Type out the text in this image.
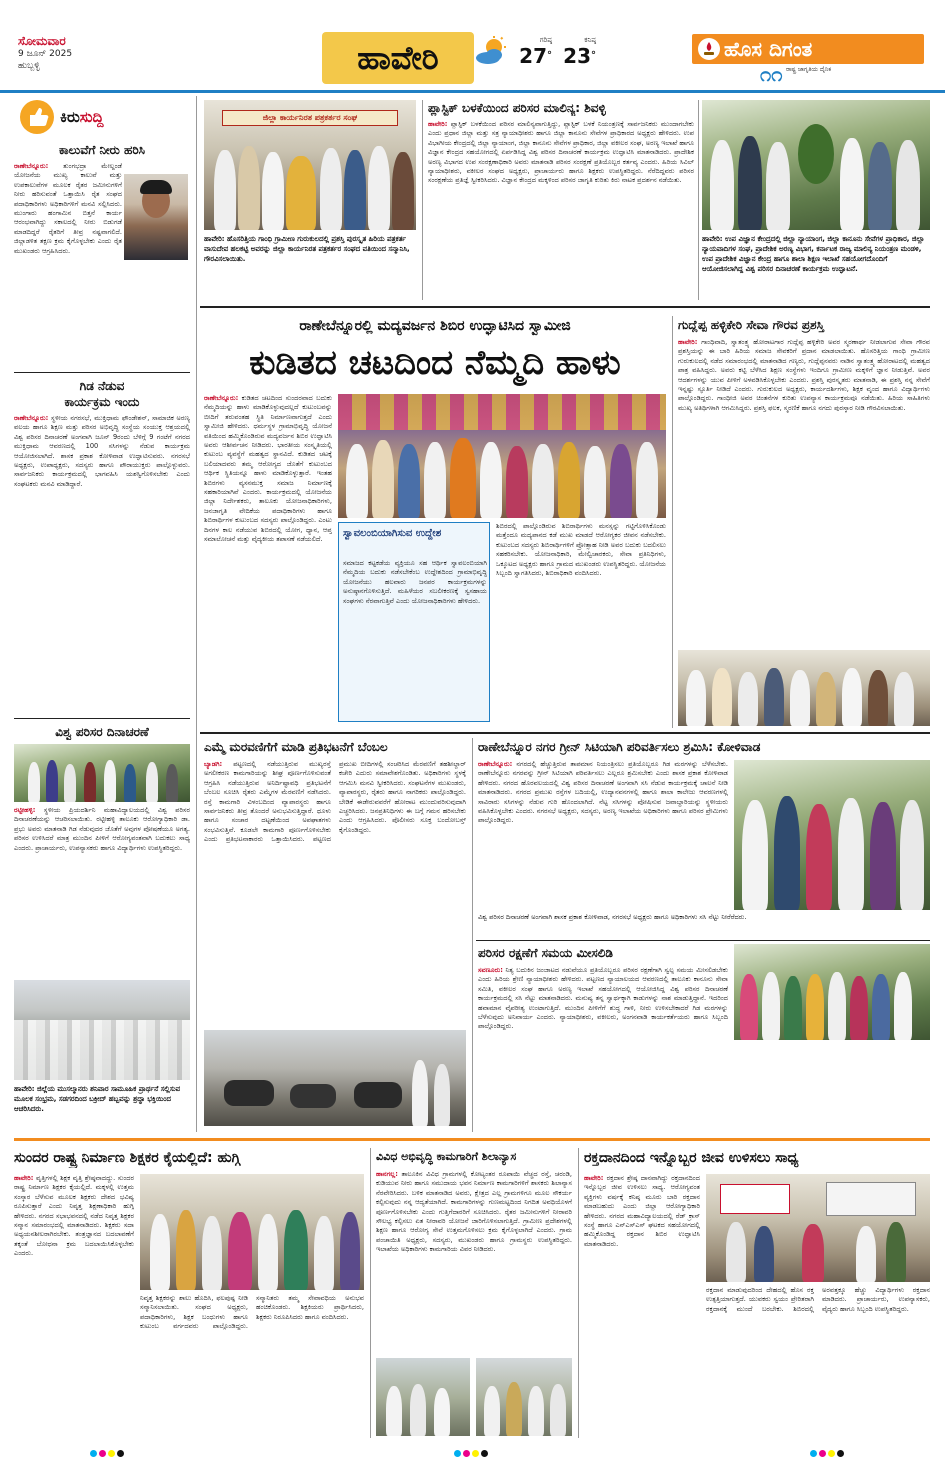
ಸೋಮವಾರ
9 ಜೂನ್ 2025
ಹುಬ್ಬಳ್ಳಿ	ಹಾವೇರಿ	ಗರಿಷ್ಠ
27°
ಕನಿಷ್ಠ
23°	ಹೊಸ ದಿಗಂತ
ರಾಷ್ಟ್ರ ಜಾಗೃತಿಯ ದೈನಿಕ
೧೧
ಕಿರುಸುದ್ದಿ
ಕಾಲುವೆಗೆ ನೀರು ಹರಿಸಿ
ರಾಣೇಬೆನ್ನೂರು: ತುಂಗಭದ್ರಾ ಮೇಲ್ದಂಡೆ ಯೋಜನೆಯ ಮುಖ್ಯ ಕಾಲುವೆ ಮತ್ತು ಉಪಕಾಲುವೆಗಳ ಮೂಲಕ ರೈತರ ಜಮೀನುಗಳಿಗೆ ನೀರು ಹರಿಸುವಂತೆ ಒತ್ತಾಯಿಸಿ ರೈತ ಸಂಘದ ಪದಾಧಿಕಾರಿಗಳು ಅಧಿಕಾರಿಗಳಿಗೆ ಮನವಿ ಸಲ್ಲಿಸಿದರು. ಮುಂಗಾರು ಹಂಗಾಮಿನ ಬಿತ್ತನೆ ಕಾರ್ಯ ಆರಂಭವಾಗಿದ್ದು ಸಕಾಲದಲ್ಲಿ ನೀರು ಬಿಡುಗಡೆ ಮಾಡದಿದ್ದರೆ ರೈತರಿಗೆ ತೀವ್ರ ನಷ್ಟವಾಗಲಿದೆ. ಜಿಲ್ಲಾಡಳಿತ ತಕ್ಷಣ ಕ್ರಮ ಕೈಗೊಳ್ಳಬೇಕು ಎಂದು ರೈತ ಮುಖಂಡರು ಆಗ್ರಹಿಸಿದರು.
ಗಿಡ ನೆಡುವ
ಕಾರ್ಯಕ್ರಮ ಇಂದು
ರಾಣೇಬೆನ್ನೂರು: ಸ್ಥಳೀಯ ನಗರಸಭೆ, ಮುಕ್ತಿಧಾಮ ಫೌಂಡೇಶನ್, ಸಾಮಾಜಿಕ ಅರಣ್ಯ ವಲಯ ಹಾಗೂ ಶಿಕ್ಷಣ ಮತ್ತು ಪರಿಸರ ಅಭಿವೃದ್ಧಿ ಸಂಸ್ಥೆಯ ಸಂಯುಕ್ತ ಆಶ್ರಯದಲ್ಲಿ ವಿಶ್ವ ಪರಿಸರ ದಿನಾಚರಣೆ ಅಂಗವಾಗಿ ಜೂನ್ 9ರಂದು ಬೆಳಿಗ್ಗೆ 9 ಗಂಟೆಗೆ ನಗರದ ಮುಕ್ತಿಧಾಮ ಆವರಣದಲ್ಲಿ 100 ಸಸಿಗಳನ್ನು ನೆಡುವ ಕಾರ್ಯಕ್ರಮ ಆಯೋಜಿಸಲಾಗಿದೆ. ಶಾಸಕ ಪ್ರಕಾಶ ಕೋಳಿವಾಡ ಉದ್ಘಾಟಿಸುವರು. ನಗರಸಭೆ ಅಧ್ಯಕ್ಷರು, ಉಪಾಧ್ಯಕ್ಷರು, ಸದಸ್ಯರು ಹಾಗೂ ಪೌರಾಯುಕ್ತರು ಪಾಲ್ಗೊಳ್ಳುವರು. ಸಾರ್ವಜನಿಕರು ಕಾರ್ಯಕ್ರಮದಲ್ಲಿ ಭಾಗವಹಿಸಿ ಯಶಸ್ವಿಗೊಳಿಸಬೇಕು ಎಂದು ಸಂಘಟಕರು ಮನವಿ ಮಾಡಿದ್ದಾರೆ.
ವಿಶ್ವ ಪರಿಸರ ದಿನಾಚರಣೆ
ರಟ್ಟೀಹಳ್ಳಿ: ಸ್ಥಳೀಯ ಪ್ರಿಯದರ್ಶಿನಿ ಮಹಾವಿದ್ಯಾಲಯದಲ್ಲಿ ವಿಶ್ವ ಪರಿಸರ ದಿನಾಚರಣೆಯನ್ನು ಆಚರಿಸಲಾಯಿತು. ರಟ್ಟೀಹಳ್ಳಿ ತಾಲೂಕು ಆರೋಗ್ಯಾಧಿಕಾರಿ ಡಾ. ಪ್ರಭು ಅವರು ಮಾತನಾಡಿ ಗಿಡ ನೆಡುವುದರ ಜೊತೆಗೆ ಅವುಗಳ ಪೋಷಣೆಯೂ ಅಗತ್ಯ. ಪರಿಸರ ಉಳಿಸಿದರೆ ಮಾತ್ರ ಮುಂದಿನ ಪೀಳಿಗೆ ಆರೋಗ್ಯವಂತವಾಗಿ ಬದುಕಲು ಸಾಧ್ಯ ಎಂದರು. ಪ್ರಾಚಾರ್ಯರು, ಉಪನ್ಯಾಸಕರು ಹಾಗೂ ವಿದ್ಯಾರ್ಥಿಗಳು ಉಪಸ್ಥಿತರಿದ್ದರು.
ಹಾವೇರಿ: ಜಿಲ್ಲೆಯ ಮುಸಲ್ಮಾನರು ಶನಿವಾರ ಸಾಮೂಹಿಕ ಪ್ರಾರ್ಥನೆ ಸಲ್ಲಿಸುವ ಮೂಲಕ ಸಂಭ್ರಮ, ಸಡಗರದಿಂದ ಬಕ್ರೀದ್ ಹಬ್ಬವನ್ನು ಶ್ರದ್ಧಾ ಭಕ್ತಿಯಿಂದ ಆಚರಿಸಿದರು.
ಜಿಲ್ಲಾ ಕಾರ್ಯನಿರತ ಪತ್ರಕರ್ತರ ಸಂಘ
ಹಾವೇರಿ: ಹೊಸರಿತ್ತಿಯ ಗಾಂಧಿ ಗ್ರಾಮೀಣ ಗುರುಕುಲದಲ್ಲಿ ಪ್ರಶಸ್ತಿ ಪುರಸ್ಕೃತ ಹಿರಿಯ ಪತ್ರಕರ್ತ ವಾಸುದೇವ ಹಲಕಟ್ಟಿ ಅವರನ್ನು ಜಿಲ್ಲಾ ಕಾರ್ಯನಿರತ ಪತ್ರಕರ್ತರ ಸಂಘದ ವತಿಯಿಂದ ಸನ್ಮಾನಿಸಿ, ಗೌರವಿಸಲಾಯಿತು.
ಪ್ಲಾಸ್ಟಿಕ್ ಬಳಕೆಯಿಂದ ಪರಿಸರ ಮಾಲಿನ್ಯ: ಶಿವಳ್ಳಿ
ಹಾವೇರಿ: ಪ್ಲಾಸ್ಟಿಕ್ ಬಳಕೆಯಿಂದ ಪರಿಸರ ಮಾಲಿನ್ಯವಾಗುತ್ತಿದ್ದು, ಪ್ಲಾಸ್ಟಿಕ್ ಬಳಕೆ ನಿಯಂತ್ರಣಕ್ಕೆ ಸಾರ್ವಜನಿಕರು ಮುಂದಾಗಬೇಕು ಎಂದು ಪ್ರಧಾನ ಜಿಲ್ಲಾ ಮತ್ತು ಸತ್ರ ನ್ಯಾಯಾಧೀಶರು ಹಾಗೂ ಜಿಲ್ಲಾ ಕಾನೂನು ಸೇವೆಗಳ ಪ್ರಾಧಿಕಾರದ ಅಧ್ಯಕ್ಷರು ಹೇಳಿದರು. ಉಪ ವಿಭಾಗೀಯ ಕೇಂದ್ರದಲ್ಲಿ ಜಿಲ್ಲಾ ನ್ಯಾಯಾಂಗ, ಜಿಲ್ಲಾ ಕಾನೂನು ಸೇವೆಗಳ ಪ್ರಾಧಿಕಾರ, ಜಿಲ್ಲಾ ವಕೀಲರ ಸಂಘ, ಅರಣ್ಯ ಇಲಾಖೆ ಹಾಗೂ ವಿಜ್ಞಾನ ಕೇಂದ್ರದ ಸಹಯೋಗದಲ್ಲಿ ಏರ್ಪಡಿಸಿದ್ದ ವಿಶ್ವ ಪರಿಸರ ದಿನಾಚರಣೆ ಕಾರ್ಯಕ್ರಮ ಉದ್ಘಾಟಿಸಿ ಮಾತನಾಡಿದರು. ಪ್ರಾದೇಶಿಕ ಅರಣ್ಯ ವಿಭಾಗದ ಉಪ ಸಂರಕ್ಷಣಾಧಿಕಾರಿ ಅವರು ಮಾತನಾಡಿ ಪರಿಸರ ಸಂರಕ್ಷಣೆ ಪ್ರತಿಯೊಬ್ಬರ ಕರ್ತವ್ಯ ಎಂದರು. ಹಿರಿಯ ಸಿವಿಲ್ ನ್ಯಾಯಾಧೀಶರು, ವಕೀಲರ ಸಂಘದ ಅಧ್ಯಕ್ಷರು, ಪ್ರಾಚಾರ್ಯರು ಹಾಗೂ ಶಿಕ್ಷಕರು ಉಪಸ್ಥಿತರಿದ್ದರು. ನೆರೆದಿದ್ದವರು ಪರಿಸರ ಸಂರಕ್ಷಣೆಯ ಪ್ರತಿಜ್ಞೆ ಸ್ವೀಕರಿಸಿದರು. ವಿಜ್ಞಾನ ಕೇಂದ್ರದ ಮಕ್ಕಳಿಂದ ಪರಿಸರ ಜಾಗೃತಿ ಕುರಿತು ಕಿರು ನಾಟಕ ಪ್ರದರ್ಶನ ನಡೆಯಿತು.
ಹಾವೇರಿ: ಉಪ ವಿಜ್ಞಾನ ಕೇಂದ್ರದಲ್ಲಿ ಜಿಲ್ಲಾ ನ್ಯಾಯಾಂಗ, ಜಿಲ್ಲಾ ಕಾನೂನು ಸೇವೆಗಳ ಪ್ರಾಧಿಕಾರ, ಜಿಲ್ಲಾ ನ್ಯಾಯವಾದಿಗಳ ಸಂಘ, ಪ್ರಾದೇಶಿಕ ಅರಣ್ಯ ವಿಭಾಗ, ಕರ್ನಾಟಕ ರಾಜ್ಯ ಮಾಲಿನ್ಯ ನಿಯಂತ್ರಣ ಮಂಡಳಿ, ಉಪ ಪ್ರಾದೇಶಿಕ ವಿಜ್ಞಾನ ಕೇಂದ್ರ ಹಾಗೂ ಶಾಲಾ ಶಿಕ್ಷಣ ಇಲಾಖೆ ಸಹಯೋಗದೊಂದಿಗೆ ಆಯೋಜಿಸಲಾಗಿದ್ದ ವಿಶ್ವ ಪರಿಸರ ದಿನಾಚರಣೆ ಕಾರ್ಯಕ್ರಮ ಉದ್ಘಾಟನೆ.
ರಾಣೇಬೆನ್ನೂರಲ್ಲಿ ಮದ್ಯವರ್ಜನ ಶಿಬಿರ ಉದ್ಘಾಟಿಸಿದ ಸ್ವಾಮೀಜಿ
ಕುಡಿತದ ಚಟದಿಂದ ನೆಮ್ಮದಿ ಹಾಳು
ರಾಣೇಬೆನ್ನೂರು: ಕುಡಿತದ ಚಟದಿಂದ ಸುಂದರವಾದ ಬದುಕು ನೆಮ್ಮದಿಯನ್ನು ಹಾಳು ಮಾಡಿಕೊಳ್ಳುವುದಲ್ಲದೆ ಕುಟುಂಬವನ್ನು ಬೀದಿಗೆ ತರುವಂತಹ ಸ್ಥಿತಿ ನಿರ್ಮಾಣವಾಗುತ್ತದೆ ಎಂದು ಸ್ವಾಮೀಜಿ ಹೇಳಿದರು. ಧರ್ಮಸ್ಥಳ ಗ್ರಾಮಾಭಿವೃದ್ಧಿ ಯೋಜನೆ ವತಿಯಿಂದ ಹಮ್ಮಿಕೊಂಡಿರುವ ಮದ್ಯವರ್ಜನ ಶಿಬಿರ ಉದ್ಘಾಟಿಸಿ ಅವರು ಆಶೀರ್ವಚನ ನೀಡಿದರು. ಭಾರತೀಯ ಸಂಸ್ಕೃತಿಯಲ್ಲಿ ಕುಟುಂಬ ವ್ಯವಸ್ಥೆಗೆ ಮಹತ್ವದ ಸ್ಥಾನವಿದೆ. ಕುಡಿತದ ಚಟಕ್ಕೆ ಬಲಿಯಾದವರು ತಮ್ಮ ಆರೋಗ್ಯದ ಜೊತೆಗೆ ಕುಟುಂಬದ ಆರ್ಥಿಕ ಸ್ಥಿತಿಯನ್ನೂ ಹಾಳು ಮಾಡಿಕೊಳ್ಳುತ್ತಾರೆ. ಇಂತಹ ಶಿಬಿರಗಳು ವ್ಯಸನಮುಕ್ತ ಸಮಾಜ ನಿರ್ಮಾಣಕ್ಕೆ ಸಹಕಾರಿಯಾಗಿವೆ ಎಂದರು. ಕಾರ್ಯಕ್ರಮದಲ್ಲಿ ಯೋಜನೆಯ ಜಿಲ್ಲಾ ನಿರ್ದೇಶಕರು, ತಾಲೂಕು ಯೋಜನಾಧಿಕಾರಿಗಳು, ಜನಜಾಗೃತಿ ವೇದಿಕೆಯ ಪದಾಧಿಕಾರಿಗಳು ಹಾಗೂ ಶಿಬಿರಾರ್ಥಿಗಳ ಕುಟುಂಬದ ಸದಸ್ಯರು ಪಾಲ್ಗೊಂಡಿದ್ದರು. ಎಂಟು ದಿನಗಳ ಕಾಲ ನಡೆಯುವ ಶಿಬಿರದಲ್ಲಿ ಯೋಗ, ಧ್ಯಾನ, ಆಪ್ತ ಸಮಾಲೋಚನೆ ಮತ್ತು ವೈದ್ಯಕೀಯ ತಪಾಸಣೆ ನಡೆಯಲಿದೆ.
ಸ್ವಾವಲಂಬಿಯಾಗಿಸುವ ಉದ್ದೇಶ
ಸಮಾಜದ ಕಟ್ಟಕಡೆಯ ವ್ಯಕ್ತಿಯೂ ಸಹ ಆರ್ಥಿಕ ಸ್ವಾವಲಂಬಿಯಾಗಿ ನೆಮ್ಮದಿಯ ಬದುಕು ನಡೆಸಬೇಕೆಂಬ ಉದ್ದೇಶದಿಂದ ಗ್ರಾಮಾಭಿವೃದ್ಧಿ ಯೋಜನೆಯು ಹಲವಾರು ಜನಪರ ಕಾರ್ಯಕ್ರಮಗಳನ್ನು ಅನುಷ್ಠಾನಗೊಳಿಸುತ್ತಿದೆ. ಮಹಿಳೆಯರ ಸಬಲೀಕರಣಕ್ಕೆ ಸ್ವಸಹಾಯ ಸಂಘಗಳು ನೆರವಾಗುತ್ತಿವೆ ಎಂದು ಯೋಜನಾಧಿಕಾರಿಗಳು ಹೇಳಿದರು.
ಶಿಬಿರದಲ್ಲಿ ಪಾಲ್ಗೊಂಡಿರುವ ಶಿಬಿರಾರ್ಥಿಗಳು ಮನಸ್ಸನ್ನು ಗಟ್ಟಿಗೊಳಿಸಿಕೊಂಡು ಮತ್ತೆಂದೂ ಮದ್ಯಪಾನದ ಕಡೆ ಮುಖ ಮಾಡದೆ ಆರೋಗ್ಯಕರ ಜೀವನ ನಡೆಸಬೇಕು. ಕುಟುಂಬದ ಸದಸ್ಯರು ಶಿಬಿರಾರ್ಥಿಗಳಿಗೆ ಪ್ರೋತ್ಸಾಹ ನೀಡಿ ಅವರ ಬದುಕು ಬದಲಿಸಲು ಸಹಕರಿಸಬೇಕು. ಯೋಜನಾಧಿಕಾರಿ, ಮೇಲ್ವಿಚಾರಕರು, ಸೇವಾ ಪ್ರತಿನಿಧಿಗಳು, ಒಕ್ಕೂಟದ ಅಧ್ಯಕ್ಷರು ಹಾಗೂ ಗ್ರಾಮದ ಮುಖಂಡರು ಉಪಸ್ಥಿತರಿದ್ದರು. ಯೋಜನೆಯ ಸಿಬ್ಬಂದಿ ಸ್ವಾಗತಿಸಿದರು, ಶಿಬಿರಾಧಿಕಾರಿ ವಂದಿಸಿದರು.
ಗುದ್ಲೆಪ್ಪ ಹಳ್ಳಿಕೇರಿ ಸೇವಾ ಗೌರವ ಪ್ರಶಸ್ತಿ
ಹಾವೇರಿ: ಗಾಂಧಿವಾದಿ, ಸ್ವಾತಂತ್ರ್ಯ ಹೋರಾಟಗಾರ ಗುದ್ಲೆಪ್ಪ ಹಳ್ಳಿಕೇರಿ ಅವರ ಸ್ಮರಣಾರ್ಥ ನೀಡಲಾಗುವ ಸೇವಾ ಗೌರವ ಪ್ರಶಸ್ತಿಯನ್ನು ಈ ಬಾರಿ ಹಿರಿಯ ಸಮಾಜ ಸೇವಕರಿಗೆ ಪ್ರದಾನ ಮಾಡಲಾಯಿತು. ಹೊಸರಿತ್ತಿಯ ಗಾಂಧಿ ಗ್ರಾಮೀಣ ಗುರುಕುಲದಲ್ಲಿ ನಡೆದ ಸಮಾರಂಭದಲ್ಲಿ ಮಾತನಾಡಿದ ಗಣ್ಯರು, ಗುದ್ಲೆಪ್ಪನವರು ನಾಡಿನ ಸ್ವಾತಂತ್ರ್ಯ ಹೋರಾಟದಲ್ಲಿ ಮಹತ್ವದ ಪಾತ್ರ ವಹಿಸಿದ್ದರು. ಅವರು ಕಟ್ಟಿ ಬೆಳೆಸಿದ ಶಿಕ್ಷಣ ಸಂಸ್ಥೆಗಳು ಇಂದಿಗೂ ಗ್ರಾಮೀಣ ಮಕ್ಕಳಿಗೆ ಜ್ಞಾನ ನೀಡುತ್ತಿವೆ. ಅವರ ಆದರ್ಶಗಳನ್ನು ಯುವ ಪೀಳಿಗೆ ಅಳವಡಿಸಿಕೊಳ್ಳಬೇಕು ಎಂದರು. ಪ್ರಶಸ್ತಿ ಪುರಸ್ಕೃತರು ಮಾತನಾಡಿ, ಈ ಪ್ರಶಸ್ತಿ ನನ್ನ ಸೇವೆಗೆ ಇನ್ನಷ್ಟು ಸ್ಫೂರ್ತಿ ನೀಡಿದೆ ಎಂದರು. ಗುರುಕುಲದ ಅಧ್ಯಕ್ಷರು, ಕಾರ್ಯದರ್ಶಿಗಳು, ಶಿಕ್ಷಕ ವೃಂದ ಹಾಗೂ ವಿದ್ಯಾರ್ಥಿಗಳು ಪಾಲ್ಗೊಂಡಿದ್ದರು. ಗಾಂಧೀಜಿ ಅವರ ಚಿಂತನೆಗಳ ಕುರಿತು ಉಪನ್ಯಾಸ ಕಾರ್ಯಕ್ರಮವೂ ನಡೆಯಿತು. ಹಿರಿಯ ಸಾಹಿತಿಗಳು ಮುಖ್ಯ ಅತಿಥಿಗಳಾಗಿ ಆಗಮಿಸಿದ್ದರು. ಪ್ರಶಸ್ತಿ ಫಲಕ, ಸ್ಮರಣಿಕೆ ಹಾಗೂ ನಗದು ಪುರಸ್ಕಾರ ನೀಡಿ ಗೌರವಿಸಲಾಯಿತು.
ಎಮ್ಮೆ ಮರವಣಿಗೆಗೆ ಮಾಡಿ ಪ್ರತಿಭಟನೆಗೆ ಬೆಂಬಲ
ಬ್ಯಾಡಗಿ: ಪಟ್ಟಣದಲ್ಲಿ ನಡೆಯುತ್ತಿರುವ ಮುಖ್ಯರಸ್ತೆ ಅಗಲೀಕರಣ ಕಾಮಗಾರಿಯನ್ನು ಶೀಘ್ರ ಪೂರ್ಣಗೊಳಿಸುವಂತೆ ಆಗ್ರಹಿಸಿ ನಡೆಯುತ್ತಿರುವ ಅನಿರ್ದಿಷ್ಟಾವಧಿ ಪ್ರತಿಭಟನೆಗೆ ಬೆಂಬಲ ಸೂಚಿಸಿ ರೈತರು ಎಮ್ಮೆಗಳ ಮೆರವಣಿಗೆ ನಡೆಸಿದರು. ರಸ್ತೆ ಕಾಮಗಾರಿ ವಿಳಂಬದಿಂದ ವ್ಯಾಪಾರಸ್ಥರು ಹಾಗೂ ಸಾರ್ವಜನಿಕರು ತೀವ್ರ ತೊಂದರೆ ಅನುಭವಿಸುತ್ತಿದ್ದಾರೆ. ಧೂಳು ಹಾಗೂ ಸಂಚಾರ ದಟ್ಟಣೆಯಿಂದ ಅಪಘಾತಗಳು ಸಂಭವಿಸುತ್ತಿವೆ. ಕೂಡಲೇ ಕಾಮಗಾರಿ ಪೂರ್ಣಗೊಳಿಸಬೇಕು ಎಂದು ಪ್ರತಿಭಟನಾಕಾರರು ಒತ್ತಾಯಿಸಿದರು. ಪಟ್ಟಣದ ಪ್ರಮುಖ ಬೀದಿಗಳಲ್ಲಿ ಸಂಚರಿಸಿದ ಮೆರವಣಿಗೆ ತಹಶೀಲ್ದಾರ್ ಕಚೇರಿ ಎದುರು ಸಮಾವೇಶಗೊಂಡಿತು. ಅಧಿಕಾರಿಗಳು ಸ್ಥಳಕ್ಕೆ ಆಗಮಿಸಿ ಮನವಿ ಸ್ವೀಕರಿಸಿದರು. ಸಂಘಟನೆಗಳ ಮುಖಂಡರು, ವ್ಯಾಪಾರಸ್ಥರು, ರೈತರು ಹಾಗೂ ನಾಗರಿಕರು ಪಾಲ್ಗೊಂಡಿದ್ದರು. ಬೇಡಿಕೆ ಈಡೇರುವವರೆಗೆ ಹೋರಾಟ ಮುಂದುವರಿಸುವುದಾಗಿ ಎಚ್ಚರಿಸಿದರು. ಜನಪ್ರತಿನಿಧಿಗಳು ಈ ಬಗ್ಗೆ ಗಮನ ಹರಿಸಬೇಕು ಎಂದು ಆಗ್ರಹಿಸಿದರು. ಪೊಲೀಸರು ಸೂಕ್ತ ಬಂದೋಬಸ್ತ್ ಕೈಗೊಂಡಿದ್ದರು.
ರಾಣೇಬೆನ್ನೂರ ನಗರ ಗ್ರೀನ್ ಸಿಟಿಯಾಗಿ ಪರಿವರ್ತಿಸಲು ಶ್ರಮಿಸಿ: ಕೋಳಿವಾಡ
ರಾಣೇಬೆನ್ನೂರು: ನಗರದಲ್ಲಿ ಹೆಚ್ಚುತ್ತಿರುವ ತಾಪಮಾನ ನಿಯಂತ್ರಿಸಲು ಪ್ರತಿಯೊಬ್ಬರೂ ಗಿಡ ಮರಗಳನ್ನು ಬೆಳೆಸಬೇಕು. ರಾಣೇಬೆನ್ನೂರು ನಗರವನ್ನು ಗ್ರೀನ್ ಸಿಟಿಯಾಗಿ ಪರಿವರ್ತಿಸಲು ಎಲ್ಲರೂ ಶ್ರಮಿಸಬೇಕು ಎಂದು ಶಾಸಕ ಪ್ರಕಾಶ ಕೋಳಿವಾಡ ಹೇಳಿದರು. ನಗರದ ಹೊರವಲಯದಲ್ಲಿ ವಿಶ್ವ ಪರಿಸರ ದಿನಾಚರಣೆ ಅಂಗವಾಗಿ ಸಸಿ ನೆಡುವ ಕಾರ್ಯಕ್ರಮಕ್ಕೆ ಚಾಲನೆ ನೀಡಿ ಮಾತನಾಡಿದರು. ನಗರದ ಪ್ರಮುಖ ರಸ್ತೆಗಳ ಬದಿಯಲ್ಲಿ, ಉದ್ಯಾನವನಗಳಲ್ಲಿ ಹಾಗೂ ಶಾಲಾ ಕಾಲೇಜು ಆವರಣಗಳಲ್ಲಿ ಸಾವಿರಾರು ಸಸಿಗಳನ್ನು ನೆಡುವ ಗುರಿ ಹೊಂದಲಾಗಿದೆ. ನೆಟ್ಟ ಸಸಿಗಳನ್ನು ಪೋಷಿಸುವ ಜವಾಬ್ದಾರಿಯನ್ನು ಸ್ಥಳೀಯರು ವಹಿಸಿಕೊಳ್ಳಬೇಕು ಎಂದರು. ನಗರಸಭೆ ಅಧ್ಯಕ್ಷರು, ಸದಸ್ಯರು, ಅರಣ್ಯ ಇಲಾಖೆಯ ಅಧಿಕಾರಿಗಳು ಹಾಗೂ ಪರಿಸರ ಪ್ರೇಮಿಗಳು ಪಾಲ್ಗೊಂಡಿದ್ದರು.
ವಿಶ್ವ ಪರಿಸರ ದಿನಾಚರಣೆ ಅಂಗವಾಗಿ ಶಾಸಕ ಪ್ರಕಾಶ ಕೋಳಿವಾಡ, ನಗರಸಭೆ ಅಧ್ಯಕ್ಷರು ಹಾಗೂ ಅಧಿಕಾರಿಗಳು ಸಸಿ ನೆಟ್ಟು ನೀರೆರೆದರು.
ಪರಿಸರ ರಕ್ಷಣೆಗೆ ಸಮಯ ಮೀಸಲಿಡಿ
ಸವಣೂರು: ನಿತ್ಯ ಬದುಕಿನ ಜಂಜಾಟದ ನಡುವೆಯೂ ಪ್ರತಿಯೊಬ್ಬರೂ ಪರಿಸರ ರಕ್ಷಣೆಗಾಗಿ ಸ್ವಲ್ಪ ಸಮಯ ಮೀಸಲಿಡಬೇಕು ಎಂದು ಹಿರಿಯ ಶ್ರೇಣಿ ನ್ಯಾಯಾಧೀಶರು ಹೇಳಿದರು. ಪಟ್ಟಣದ ನ್ಯಾಯಾಲಯದ ಆವರಣದಲ್ಲಿ ತಾಲೂಕು ಕಾನೂನು ಸೇವಾ ಸಮಿತಿ, ವಕೀಲರ ಸಂಘ ಹಾಗೂ ಅರಣ್ಯ ಇಲಾಖೆ ಸಹಯೋಗದಲ್ಲಿ ಆಯೋಜಿಸಿದ್ದ ವಿಶ್ವ ಪರಿಸರ ದಿನಾಚರಣೆ ಕಾರ್ಯಕ್ರಮದಲ್ಲಿ ಸಸಿ ನೆಟ್ಟು ಮಾತನಾಡಿದರು. ಮನುಷ್ಯ ತನ್ನ ಸ್ವಾರ್ಥಕ್ಕಾಗಿ ಕಾಡುಗಳನ್ನು ನಾಶ ಮಾಡುತ್ತಿದ್ದಾನೆ. ಇದರಿಂದ ಹವಾಮಾನ ವೈಪರೀತ್ಯ ಉಂಟಾಗುತ್ತಿದೆ. ಮುಂದಿನ ಪೀಳಿಗೆಗೆ ಶುದ್ಧ ಗಾಳಿ, ನೀರು ಉಳಿಸಬೇಕಾದರೆ ಗಿಡ ಮರಗಳನ್ನು ಬೆಳೆಸುವುದು ಅನಿವಾರ್ಯ ಎಂದರು. ನ್ಯಾಯಾಧೀಶರು, ವಕೀಲರು, ಅಂಗನವಾಡಿ ಕಾರ್ಯಕರ್ತೆಯರು ಹಾಗೂ ಸಿಬ್ಬಂದಿ ಪಾಲ್ಗೊಂಡಿದ್ದರು.
ಸುಂದರ ರಾಷ್ಟ್ರ ನಿರ್ಮಾಣ ಶಿಕ್ಷಕರ ಕೈಯಲ್ಲಿದೆ: ಹುಗ್ಗಿ
ಹಾವೇರಿ: ವೃತ್ತಿಗಳಲ್ಲಿ ಶಿಕ್ಷಕ ವೃತ್ತಿ ಶ್ರೇಷ್ಠವಾದದ್ದು. ಸುಂದರ ರಾಷ್ಟ್ರ ನಿರ್ಮಾಣ ಶಿಕ್ಷಕರ ಕೈಯಲ್ಲಿದೆ. ಮಕ್ಕಳಲ್ಲಿ ಉತ್ತಮ ಸಂಸ್ಕಾರ ಬೆಳೆಸುವ ಮೂಲಕ ಶಿಕ್ಷಕರು ದೇಶದ ಭವಿಷ್ಯ ರೂಪಿಸುತ್ತಾರೆ ಎಂದು ನಿವೃತ್ತ ಶಿಕ್ಷಣಾಧಿಕಾರಿ ಹುಗ್ಗಿ ಹೇಳಿದರು. ನಗರದ ಸಭಾಭವನದಲ್ಲಿ ನಡೆದ ನಿವೃತ್ತ ಶಿಕ್ಷಕರ ಸನ್ಮಾನ ಸಮಾರಂಭದಲ್ಲಿ ಮಾತನಾಡಿದರು. ಶಿಕ್ಷಕರು ಸದಾ ಅಧ್ಯಯನಶೀಲರಾಗಿರಬೇಕು. ತಂತ್ರಜ್ಞಾನದ ಬದಲಾವಣೆಗೆ ತಕ್ಕಂತೆ ಬೋಧನಾ ಕ್ರಮ ಬದಲಾಯಿಸಿಕೊಳ್ಳಬೇಕು ಎಂದರು.
ನಿವೃತ್ತ ಶಿಕ್ಷಕರನ್ನು ಶಾಲು ಹೊದಿಸಿ, ಫಲಪುಷ್ಪ ನೀಡಿ ಸನ್ಮಾನಿಸಲಾಯಿತು. ಸಂಘದ ಅಧ್ಯಕ್ಷರು, ಪದಾಧಿಕಾರಿಗಳು, ಶಿಕ್ಷಕ ಬಂಧುಗಳು ಹಾಗೂ ಕುಟುಂಬ ವರ್ಗದವರು ಪಾಲ್ಗೊಂಡಿದ್ದರು. ಸನ್ಮಾನಿತರು ತಮ್ಮ ಸೇವಾವಧಿಯ ಅನುಭವ ಹಂಚಿಕೊಂಡರು. ಶಿಕ್ಷಕಿಯರು ಪ್ರಾರ್ಥಿಸಿದರು, ಶಿಕ್ಷಕರು ನಿರೂಪಿಸಿದರು ಹಾಗೂ ವಂದಿಸಿದರು.
ವಿವಿಧ ಅಭಿವೃದ್ಧಿ ಕಾಮಗಾರಿಗೆ ಶಿಲಾನ್ಯಾಸ
ಹಾನಗಲ್ಲ: ತಾಲೂಕಿನ ವಿವಿಧ ಗ್ರಾಮಗಳಲ್ಲಿ ಕೋಟ್ಯಂತರ ರೂಪಾಯಿ ವೆಚ್ಚದ ರಸ್ತೆ, ಚರಂಡಿ, ಕುಡಿಯುವ ನೀರು ಹಾಗೂ ಸಮುದಾಯ ಭವನ ನಿರ್ಮಾಣ ಕಾಮಗಾರಿಗಳಿಗೆ ಶಾಸಕರು ಶಿಲಾನ್ಯಾಸ ನೆರವೇರಿಸಿದರು. ಬಳಿಕ ಮಾತನಾಡಿದ ಅವರು, ಕ್ಷೇತ್ರದ ಎಲ್ಲ ಗ್ರಾಮಗಳಿಗೂ ಮೂಲ ಸೌಕರ್ಯ ಕಲ್ಪಿಸುವುದು ನನ್ನ ಆದ್ಯತೆಯಾಗಿದೆ. ಕಾಮಗಾರಿಗಳನ್ನು ಗುಣಮಟ್ಟದಿಂದ ನಿಗದಿತ ಅವಧಿಯೊಳಗೆ ಪೂರ್ಣಗೊಳಿಸಬೇಕು ಎಂದು ಗುತ್ತಿಗೆದಾರರಿಗೆ ಸೂಚಿಸಿದರು. ರೈತರ ಜಮೀನುಗಳಿಗೆ ನೀರಾವರಿ ಸೌಲಭ್ಯ ಕಲ್ಪಿಸಲು ಏತ ನೀರಾವರಿ ಯೋಜನೆ ಜಾರಿಗೊಳಿಸಲಾಗುತ್ತಿದೆ. ಗ್ರಾಮೀಣ ಪ್ರದೇಶಗಳಲ್ಲಿ ಶಿಕ್ಷಣ ಹಾಗೂ ಆರೋಗ್ಯ ಸೇವೆ ಉತ್ತಮಗೊಳಿಸಲು ಕ್ರಮ ಕೈಗೊಳ್ಳಲಾಗಿದೆ ಎಂದರು. ಗ್ರಾಮ ಪಂಚಾಯಿತಿ ಅಧ್ಯಕ್ಷರು, ಸದಸ್ಯರು, ಮುಖಂಡರು ಹಾಗೂ ಗ್ರಾಮಸ್ಥರು ಉಪಸ್ಥಿತರಿದ್ದರು. ಇಲಾಖೆಯ ಅಧಿಕಾರಿಗಳು ಕಾಮಗಾರಿಯ ವಿವರ ನೀಡಿದರು.
ರಕ್ತದಾನದಿಂದ ಇನ್ನೊಬ್ಬರ ಜೀವ ಉಳಿಸಲು ಸಾಧ್ಯ
ಹಾವೇರಿ: ರಕ್ತದಾನ ಶ್ರೇಷ್ಠ ದಾನವಾಗಿದ್ದು ರಕ್ತದಾನದಿಂದ ಇನ್ನೊಬ್ಬರ ಜೀವ ಉಳಿಸಲು ಸಾಧ್ಯ. ಆರೋಗ್ಯವಂತ ವ್ಯಕ್ತಿಗಳು ವರ್ಷಕ್ಕೆ ಕನಿಷ್ಠ ಮೂರು ಬಾರಿ ರಕ್ತದಾನ ಮಾಡಬಹುದು ಎಂದು ಜಿಲ್ಲಾ ಆರೋಗ್ಯಾಧಿಕಾರಿ ಹೇಳಿದರು. ನಗರದ ಮಹಾವಿದ್ಯಾಲಯದಲ್ಲಿ ರೆಡ್ ಕ್ರಾಸ್ ಸಂಸ್ಥೆ ಹಾಗೂ ಎನ್‌ಎಸ್‌ಎಸ್ ಘಟಕದ ಸಹಯೋಗದಲ್ಲಿ ಹಮ್ಮಿಕೊಂಡಿದ್ದ ರಕ್ತದಾನ ಶಿಬಿರ ಉದ್ಘಾಟಿಸಿ ಮಾತನಾಡಿದರು.
ರಕ್ತದಾನ ಮಾಡುವುದರಿಂದ ದೇಹದಲ್ಲಿ ಹೊಸ ರಕ್ತ ಉತ್ಪತ್ತಿಯಾಗುತ್ತದೆ. ಯುವಕರು ಸ್ವಯಂ ಪ್ರೇರಿತರಾಗಿ ರಕ್ತದಾನಕ್ಕೆ ಮುಂದೆ ಬರಬೇಕು. ಶಿಬಿರದಲ್ಲಿ ಅರವತ್ತಕ್ಕೂ ಹೆಚ್ಚು ವಿದ್ಯಾರ್ಥಿಗಳು ರಕ್ತದಾನ ಮಾಡಿದರು. ಪ್ರಾಚಾರ್ಯರು, ಉಪನ್ಯಾಸಕರು, ವೈದ್ಯರು ಹಾಗೂ ಸಿಬ್ಬಂದಿ ಉಪಸ್ಥಿತರಿದ್ದರು.
